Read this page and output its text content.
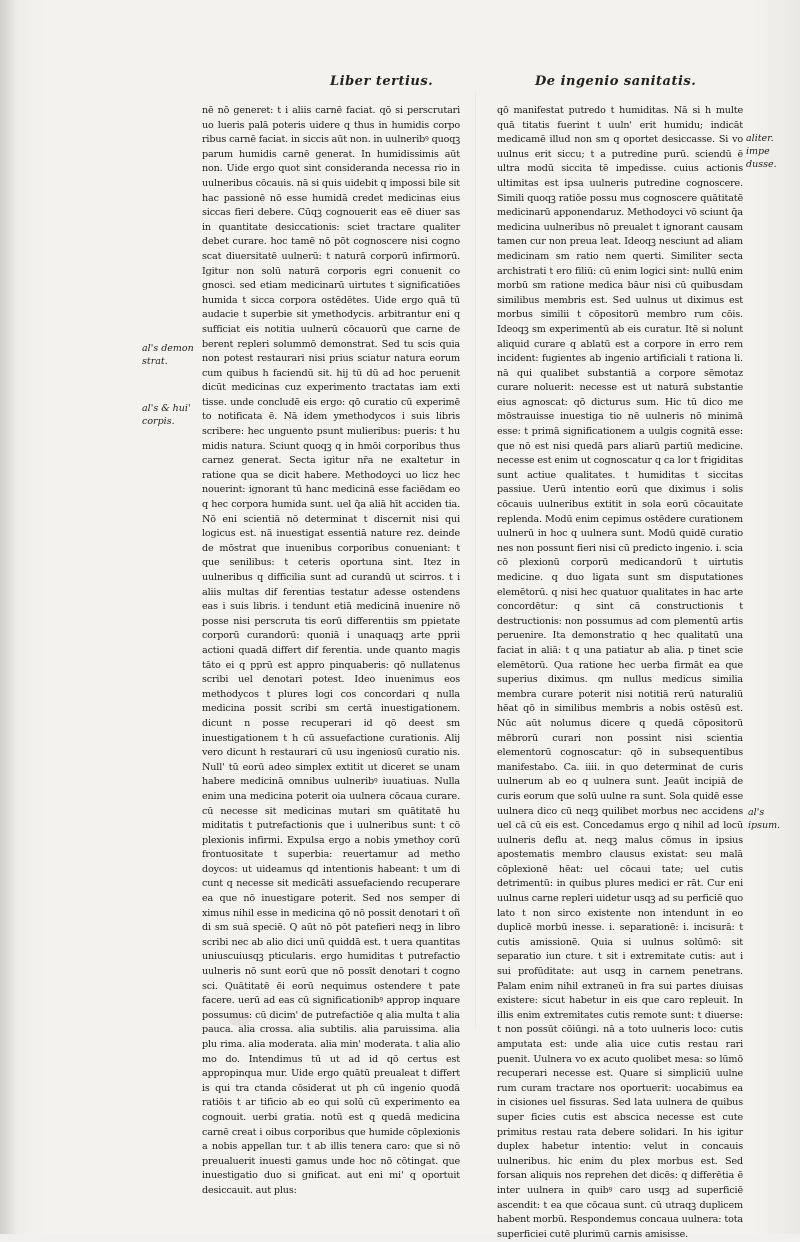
Liber tertius.	De ingenio sanitatis.

nē nō generet: t i aliis carnē faciat. qō si perscrutari uo lueris palā poteris uidere q thus in humidis corpo ribus carnē faciat. in siccis aūt non. in uulneribꝰ quoqꝫ parum humidis carnē generat. In humidissimis aūt non. Uide ergo quot sint consideranda necessa rio in uulneribus cōcauis. nā si quis uidebit q impossi bile sit hac passionē nō esse humidā credet medicinas eius siccas fieri debere. Cūqꝫ cognouerit eas eē diuer sas in quantitate desiccationis: sciet tractare qualiter debet curare. hoc tamē nō pōt cognoscere nisi cogno scat diuersitatē uulnerū: t naturā corporū infirmorū. Igitur non solū naturā corporis egri conuenit co gnosci. sed etiam medicinarū uirtutes t significatiōes humida t sicca corpora ostēdētes. Uide ergo quā tū audacie t superbie sit ymethodycis. arbitrantur eni q sufficiat eis notitia uulnerū cōcauorū que carne de berent repleri solummō demonstrat. Sed tu scis quia non potest restaurari nisi prius sciatur natura eorum cum quibus h faciendū sit. hij tū dū ad hoc peruenit dicūt medicinas cuz experimento tractatas iam exti tisse. unde concludē eis ergo: qō curatio cū experimē to notificata ē. Nā idem ymethodycos i suis libris scribere: hec unguento psunt mulieribus: pueris: t hu midis natura. Sciunt quoqꝫ q in hmōi corporibus thus carnez generat. Secta igitur nr̄a ne exaltetur in ratione qua se dicit habere. Methodoyci uo licz hec nouerint: ignorant tū hanc medicinā esse faciēdam eo q hec corpora humida sunt. uel q̄a aliā hīt acciden tia. Nō eni scientiā nō determinat t discernit nisi qui logicus est. nā inuestigat essentiā nature rez. deinde de mōstrat que inuenibus corporibus conueniant: t que senilibus: t ceteris oportuna sint. Itez in uulneribus q difficilia sunt ad curandū ut scirros. t i aliis multas dif ferentias testatur adesse ostendens eas i suis libris. i tendunt etiā medicinā inuenire nō posse nisi perscruta tis eorū differentiis sm ppietate corporū curandorū: quoniā i unaquaqꝫ arte pprii actioni quadā differt dif ferentia. unde quanto magis tāto ei q pprū est appro pinquaberis: qō nullatenus scribi uel denotari potest. Ideo inuenimus eos methodycos t plures logi cos concordari q nulla medicina possit scribi sm certā inuestigationem. dicunt n posse recuperari id qō deest sm inuestigationem t h cū assuefactione curationis. Alij vero dicunt h restaurari cū usu ingeniosū curatio nis. Null' tū eorū adeo simplex extitit ut diceret se unam habere medicinā omnibus uulneribꝰ iuuatiuas. Nulla enim una medicina poterit oia uulnera cōcaua curare. cū necesse sit medicinas mutari sm quātitatē hu miditatis t putrefactionis que i uulneribus sunt: t cō plexionis infirmi. Expulsa ergo a nobis ymethoy corū frontuositate t superbia: reuertamur ad metho doycos: ut uideamus qd intentionis habeant: t um di cunt q necesse sit medicāti assuefaciendo recuperare ea que nō inuestigare poterit. Sed nos semper di ximus nihil esse in medicina qō nō possit denotari t oñ di sm suā speciē. Q aūt nō pōt patefieri neqꝫ in libro scribi nec ab alio dici unū quiddā est. t uera quantitas uniuscuiusqꝫ pticularis. ergo humiditas t putrefactio uulneris nō sunt eorū que nō possīt denotari t cogno sci. Quātitatē ēi eorū nequimus ostendere t pate facere. uerū ad eas cū significationibꝰ approp inquare possumus: cū dicim' de putrefactiōe q alia multa t alia pauca. alia crossa. alia subtilis. alia paruissima. alia plu rima. alia moderata. alia min' moderata. t alia alio mo do. Intendimus tū ut ad id qō certus est appropinqua mur. Uide ergo quātū preualeat t differt is qui tra ctanda cōsiderat ut ph cū ingenio quodā ratiōis t ar tificio ab eo qui solū cū experimento ea cognouit. uerbi gratia. notū est q quedā medicina carnē creat i oibus corporibus que humide cōplexionis a nobis appellan tur. t ab illis tenera caro: que si nō preualuerit inuesti gamus unde hoc nō cōtingat. que inuestigatio duo si gnificat. aut eni mi' q oportuit desiccauit. aut plus:

qō manifestat putredo t humiditas. Nā si h multe quā titatis fuerint t uuln' erit humidu; indicāt medicamē illud non sm q oportet desiccasse. Si vo uulnus erit siccu; t a putredine purū. sciendū ē ultra modū siccita tē impedisse. cuius actionis ultimitas est ipsa uulneris putredine cognoscere. Simili quoqꝫ ratiōe possu mus cognoscere quātitatē medicinarū apponendaruz. Methodoyci vō sciunt q̄a medicina uulneribus nō preualet t ignorant causam tamen cur non preua leat. Ideoqꝫ nesciunt ad aliam medicinam sm ratio nem querti. Similiter secta archistrati t ero filiū: cū enim logici sint: nullū enim morbū sm ratione medica bāur nisi cū quibusdam similibus membris est. Sed uulnus ut diximus est morbus similii t cōpositorū membro rum cōis. Ideoqꝫ sm experimentū ab eis curatur. Itē si nolunt aliquid curare q ablatū est a corpore in erro rem incident: fugientes ab ingenio artificiali t rationa li. nā qui qualibet substantiā a corpore sēmotaz curare noluerit: necesse est ut naturā substantie eius agnoscat: qō dicturus sum. Hic tū dico me mōstrauisse inuestiga tio nē uulneris nō minimā esse: t primā significationem a uulgis cognitā esse: que nō est nisi quedā pars aliarū partiū medicine. necesse est enim ut cognoscatur q ca lor t frigiditas sunt actiue qualitates. t humiditas t siccitas passiue. Uerū intentio eorū que diximus i solis cōcauis uulneribus extitit in sola eorū cōcauitate replenda. Modū enim cepimus ostēdere curationem uulnerū in hoc q uulnera sunt. Modū quidē curatio nes non possunt fieri nisi cū predicto ingenio. i. scia cō plexionū corporū medicandorū t uirtutis medicine. q duo ligata sunt sm disputationes elemētorū. q nisi hec quatuor qualitates in hac arte concordētur: q sint cā constructionis t destructionis: non possumus ad com plementū artis peruenire. Ita demonstratio q hec qualitatū una faciat in aliā: t q una patiatur ab alia. p tinet scie elemētorū. Qua ratione hec uerba firmāt ea que superius diximus. qm nullus medicus similia membra curare poterit nisi notitiā rerū naturaliū hēat qō in similibus membris a nobis ostēsū est. Nūc aūt nolumus dicere q quedā cōpositorū mēbrorū curari non possint nisi scientia elementorū cognoscatur: qō in subsequentibus manifestabo. Ca. iiii. in quo determinat de curis uulnerum ab eo q uulnera sunt. Jeaūt incipiā de curis eorum que solū uulne ra sunt. Sola quidē esse uulnera dico cū neqꝫ quilibet morbus nec accidens uel cā cū eis est. Concedamus ergo q nihil ad locū uulneris deflu at. neqꝫ malus cōmus in ipsius apostematis membro clausus existat: seu malā cōplexionē hēat: uel cōcaui tate; uel cutis detrimentū: in quibus plures medici er rāt. Cur eni uulnus carne repleri uidetur usqꝫ ad su perficiē quo lato t non sirco existente non intendunt in eo duplicē morbū inesse. i. separationē: i. incisurā: t cutis amissionē. Quia si uulnus solūmō: sit separatio iun cture. t sit i extremitate cutis: aut i sui profūditate: aut usqꝫ in carnem penetrans. Palam enim nihil extraneū in fra sui partes diuisas existere: sicut habetur in eis que caro repleuit. In illis enim extremitates cutis remote sunt: t diuerse: t non possūt cōiūngi. nā a toto uulneris loco: cutis amputata est: unde alia uice cutis restau rari puenit. Uulnera vo ex acuto quolibet mesa: so lūmō recuperari necesse est. Quare si simpliciū uulne rum curam tractare nos oportuerit: uocabimus ea in cisiones uel fissuras. Sed lata uulnera de quibus super ficies cutis est absciса necesse est cute primitus restau rata debere solidari. In his igitur duplex habetur intentio: velut in concauis uulneribus. hic enim du plex morbus est. Sed forsan aliquis nos reprehen det dicēs: q differētia ē inter uulnera in quibꝰ caro usqꝫ ad superficiē ascendit: t ea que cōcaua sunt. cū utraqꝫ duplicem habent morbū. Respondemus concaua uulnera: tota superficiei cutē plurimū carnis amisisse.

al's demon strat.
al's & hui' corpis.
aliter. impe dusse.
al's ipsum.
